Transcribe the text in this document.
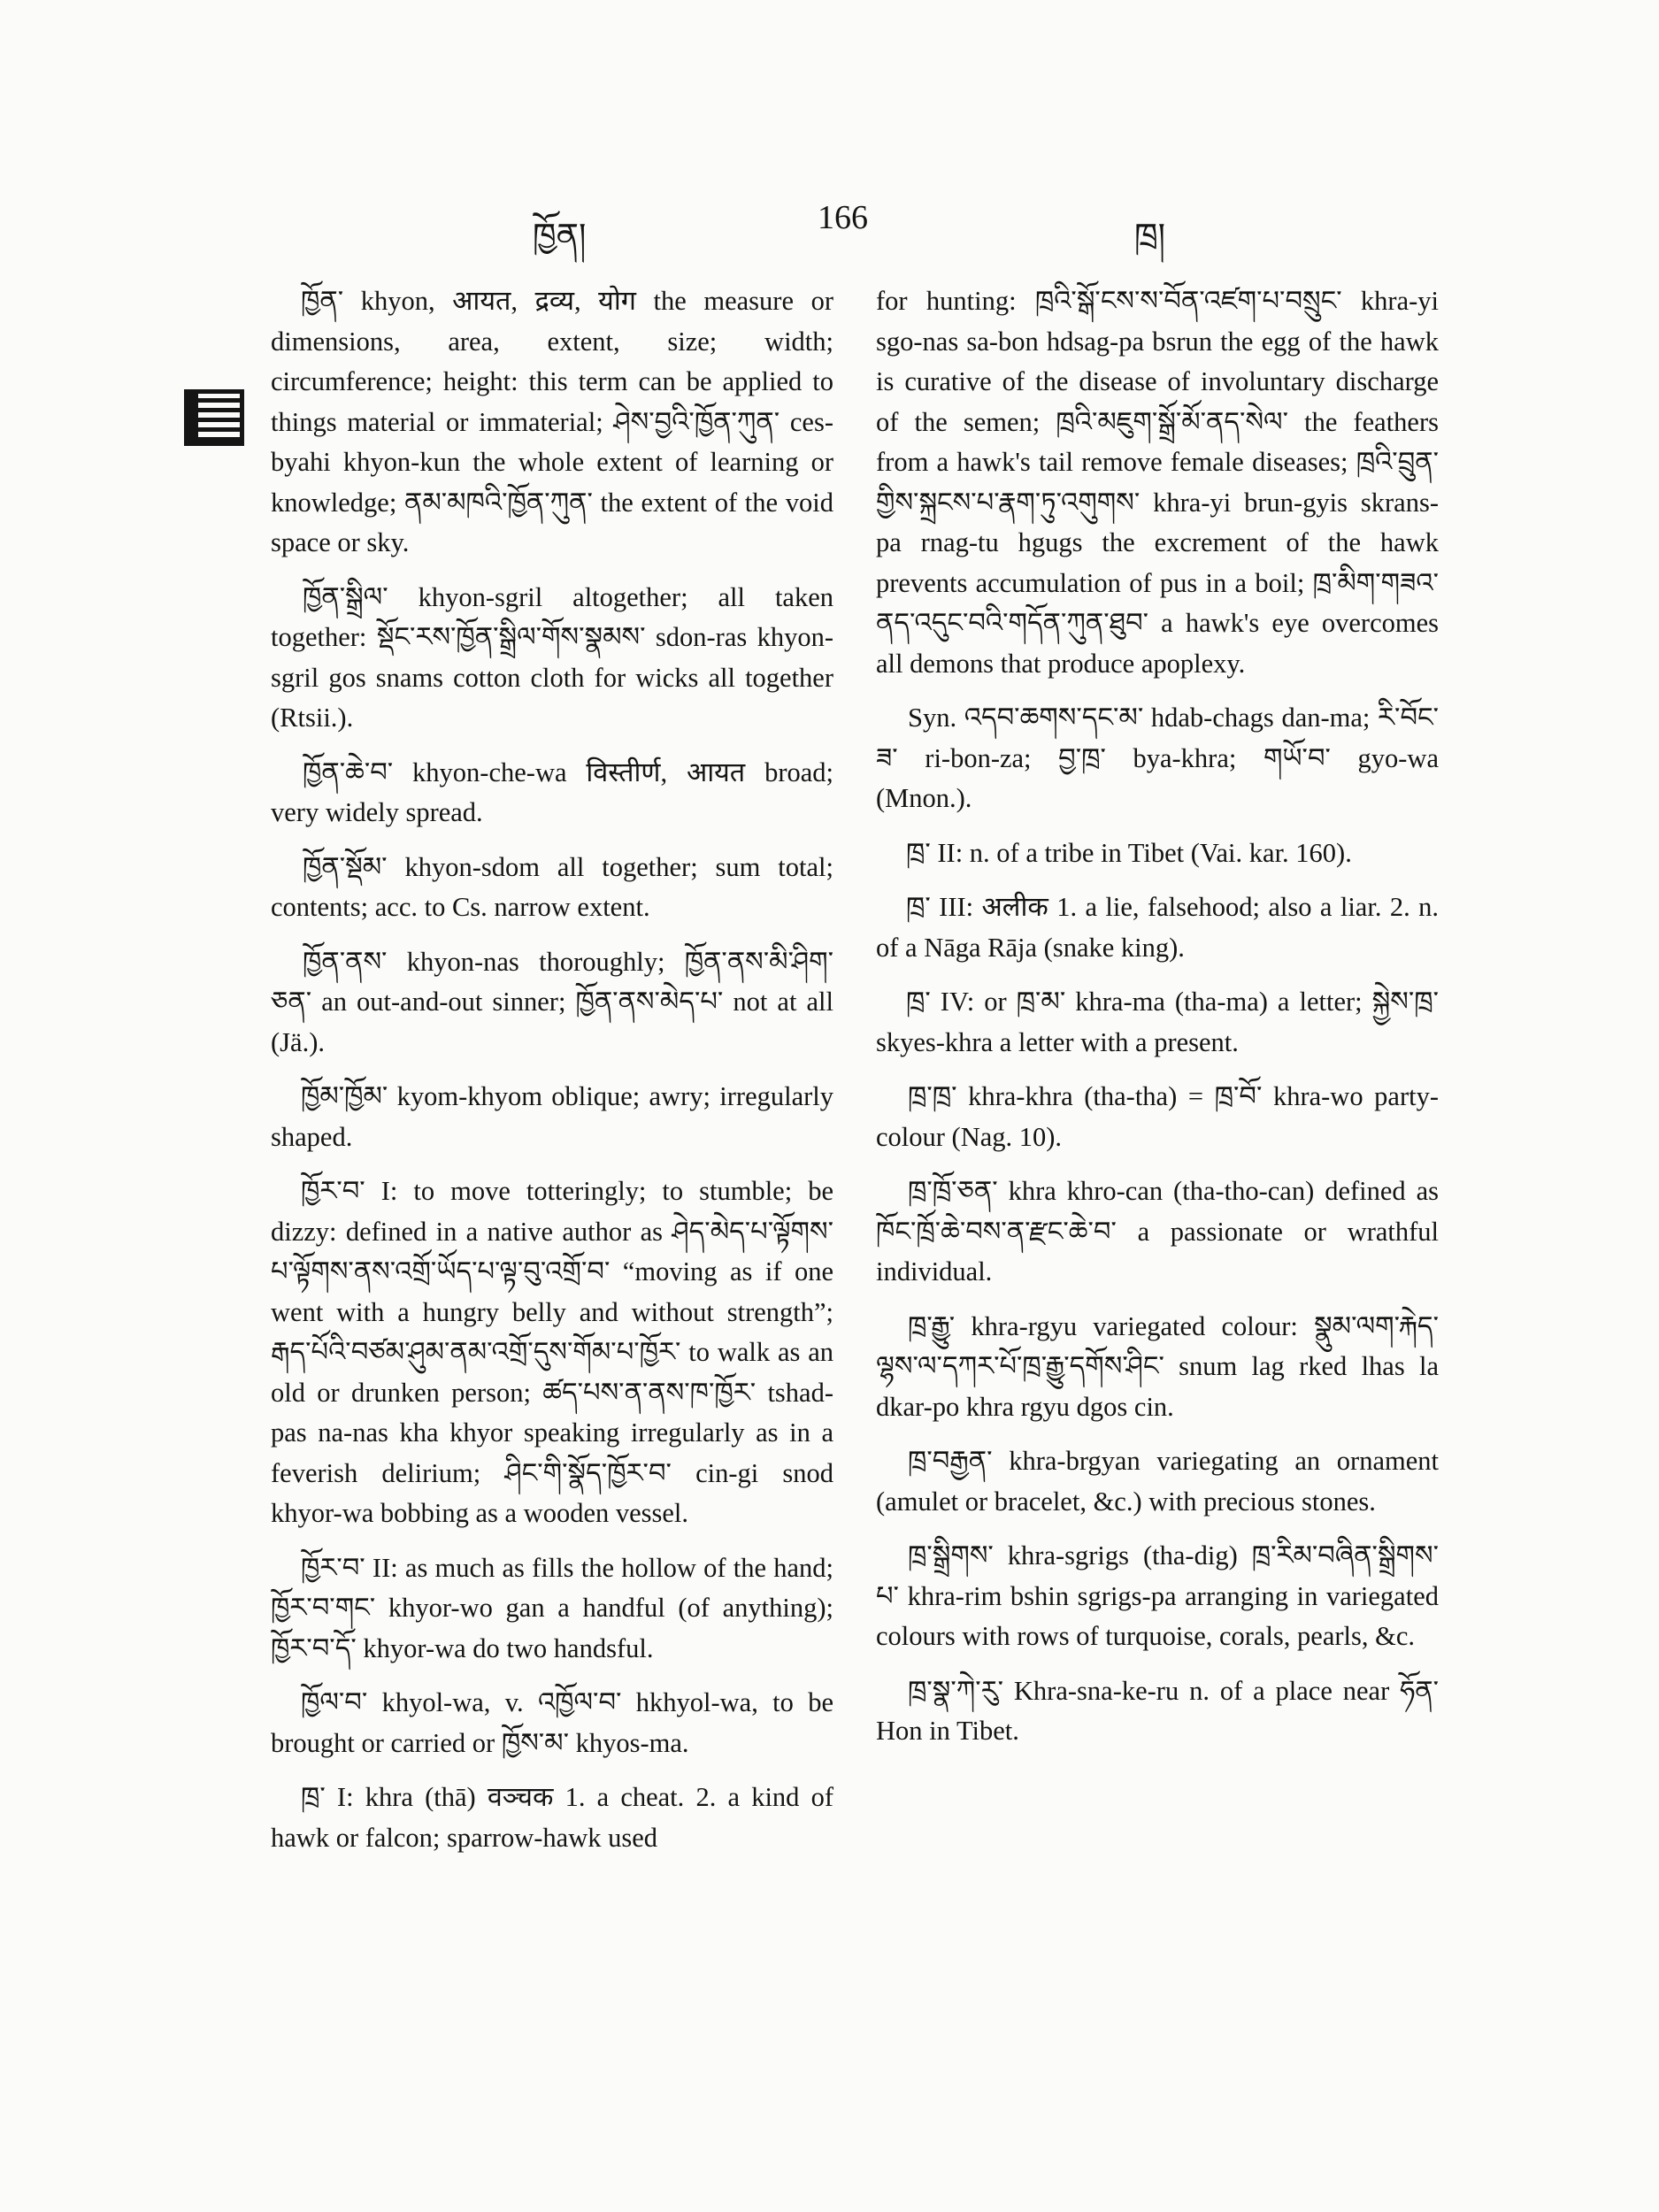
ཁྱོན།	166	ཁྲ།

ཁྱོན་ khyon, आयत, द्रव्य, योग the measure or dimensions, area, extent, size; width; circumference; height: this term can be applied to things material or immaterial; ཤེས་བྱའི་ཁྱོན་ཀུན་ ces-byahi khyon-kun the whole extent of learning or knowledge; ནམ་མཁའི་ཁྱོན་ཀུན་ the extent of the void space or sky.

ཁྱོན་སྒྲིལ་ khyon-sgril altogether; all taken together: སྡོང་རས་ཁྱོན་སྒྲིལ་གོས་སྣམས་ sdon-ras khyon-sgril gos snams cotton cloth for wicks all together (Rtsii.).

ཁྱོན་ཆེ་བ་ khyon-che-wa विस्तीर्ण, आयत broad; very widely spread.

ཁྱོན་སྡོམ་ khyon-sdom all together; sum total; contents; acc. to Cs. narrow extent.

ཁྱོན་ནས་ khyon-nas thoroughly; ཁྱོན་ནས་མི་ཤིག་ཅན་ an out-and-out sinner; ཁྱོན་ནས་མེད་པ་ not at all (Jä.).

ཁྱོམ་ཁྱོམ་ kyom-khyom oblique; awry; irregularly shaped.

ཁྱོར་བ་ I: to move totteringly; to stumble; be dizzy: defined in a native author as ཤེད་མེད་པ་ལྟོགས་པ་ལྟོགས་ནས་འགྲོ་ཡོད་པ་ལྟ་བུ་འགྲོ་བ་ “moving as if one went with a hungry belly and without strength”; རྒད་པོའི་བཙམ་ཤུམ་ནམ་འགྲོ་དུས་གོམ་པ་ཁྱོར་ to walk as an old or drunken person; ཚད་པས་ན་ནས་ཁ་ཁྱོར་ tshad-pas na-nas kha khyor speaking irregularly as in a feverish delirium; ཤིང་གི་སྣོད་ཁྱོར་བ་ cin-gi snod khyor-wa bobbing as a wooden vessel.

ཁྱོར་བ་ II: as much as fills the hollow of the hand; ཁྱོར་བ་གང་ khyor-wo gan a handful (of anything); ཁྱོར་བ་དོ་ khyor-wa do two handsful.

ཁྱོལ་བ་ khyol-wa, v. འཁྱོལ་བ་ hkhyol-wa, to be brought or carried or ཁྱོས་མ་ khyos-ma.

ཁྲ་ I: khra (thā) वञ्चक 1. a cheat. 2. a kind of hawk or falcon; sparrow-hawk used

for hunting: ཁྲའི་སྒོ་ངས་ས་བོན་འཛག་པ་བསྲུང་ khra-yi sgo-nas sa-bon hdsag-pa bsrun the egg of the hawk is curative of the disease of involuntary discharge of the semen; ཁྲའི་མཇུག་སྒྲོ་མོ་ནད་སེལ་ the feathers from a hawk's tail remove female diseases; ཁྲའི་བྲུན་གྱིས་སྐྲངས་པ་རྣག་ཏུ་འགུགས་ khra-yi brun-gyis skrans-pa rnag-tu hgugs the excrement of the hawk prevents accumulation of pus in a boil; ཁྲ་མིག་གཟའ་ནད་འདུང་བའི་གདོན་ཀུན་ཐུབ་ a hawk's eye overcomes all demons that produce apoplexy.

Syn. འདབ་ཆགས་དང་མ་ hdab-chags dan-ma; རི་བོང་ཟ་ ri-bon-za; བྱ་ཁྲ་ bya-khra; གཡོ་བ་ gyo-wa (Mnon.).

ཁྲ་ II: n. of a tribe in Tibet (Vai. kar. 160).

ཁྲ་ III: अलीक 1. a lie, falsehood; also a liar. 2. n. of a Nāga Rāja (snake king).

ཁྲ་ IV: or ཁྲ་མ་ khra-ma (tha-ma) a letter; སྐྱེས་ཁྲ་ skyes-khra a letter with a present.

ཁྲ་ཁྲ་ khra-khra (tha-tha) = ཁྲ་བོ་ khra-wo party-colour (Nag. 10).

ཁྲ་ཁྲོ་ཅན་ khra khro-can (tha-tho-can) defined as ཁོང་ཁྲོ་ཆེ་བས་ན་རྫང་ཆེ་བ་ a passionate or wrathful individual.

ཁྲ་རྒྱུ་ khra-rgyu variegated colour: སྣུམ་ལག་རྐེད་ལྷས་ལ་དཀར་པོ་ཁྲ་རྒྱུ་དགོས་ཤིང་ snum lag rked lhas la dkar-po khra rgyu dgos cin.

ཁྲ་བརྒྱན་ khra-brgyan variegating an ornament (amulet or bracelet, &c.) with precious stones.

ཁྲ་སྒྲིགས་ khra-sgrigs (tha-dig) ཁྲ་རིམ་བཞིན་སྒྲིགས་པ་ khra-rim bshin sgrigs-pa arranging in variegated colours with rows of turquoise, corals, pearls, &c.

ཁྲ་སྣ་ཀེ་རུ་ Khra-sna-ke-ru n. of a place near ཧོན་ Hon in Tibet.
